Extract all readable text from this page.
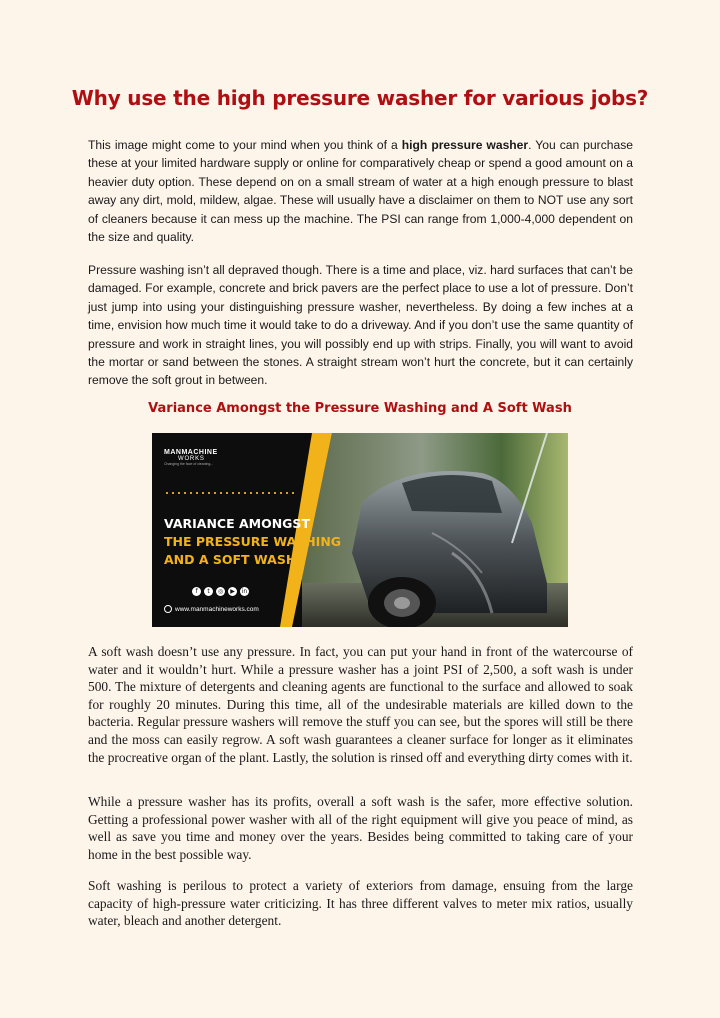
Why use the high pressure washer for various jobs?

This image might come to your mind when you think of a high pressure washer. You can purchase these at your limited hardware supply or online for comparatively cheap or spend a good amount on a heavier duty option. These depend on on a small stream of water at a high enough pressure to blast away any dirt, mold, mildew, algae. These will usually have a disclaimer on them to NOT use any sort of cleaners because it can mess up the machine. The PSI can range from 1,000-4,000 dependent on the size and quality.

Pressure washing isn’t all depraved though. There is a time and place, viz. hard surfaces that can’t be damaged. For example, concrete and brick pavers are the perfect place to use a lot of pressure. Don’t just jump into using your distinguishing pressure washer, nevertheless. By doing a few inches at a time, envision how much time it would take to do a driveway. And if you don’t use the same quantity of pressure and work in straight lines, you will possibly end up with strips. Finally, you will want to avoid the mortar or sand between the stones. A straight stream won’t hurt the concrete, but it can certainly remove the soft grout in between.

Variance Amongst the Pressure Washing and A Soft Wash
MANMACHINE
WORKS
Changing the face of cleaning...
VARIANCE AMONGST
THE PRESSURE WASHING
AND A SOFT WASH
f	t	◎	▶	in
www.manmachineworks.com

A soft wash doesn’t use any pressure. In fact, you can put your hand in front of the watercourse of water and it wouldn’t hurt. While a pressure washer has a joint PSI of 2,500, a soft wash is under 500. The mixture of detergents and cleaning agents are functional to the surface and allowed to soak for roughly 20 minutes. During this time, all of the undesirable materials are killed down to the bacteria. Regular pressure washers will remove the stuff you can see, but the spores will still be there and the moss can easily regrow. A soft wash guarantees a cleaner surface for longer as it eliminates the procreative organ of the plant. Lastly, the solution is rinsed off and everything dirty comes with it.

While a pressure washer has its profits, overall a soft wash is the safer, more effective solution. Getting a professional power washer with all of the right equipment will give you peace of mind, as well as save you time and money over the years. Besides being committed to taking care of your home in the best possible way.

Soft washing is perilous to protect a variety of exteriors from damage, ensuing from the large capacity of high-pressure water criticizing. It has three different valves to meter mix ratios, usually water, bleach and another detergent.
